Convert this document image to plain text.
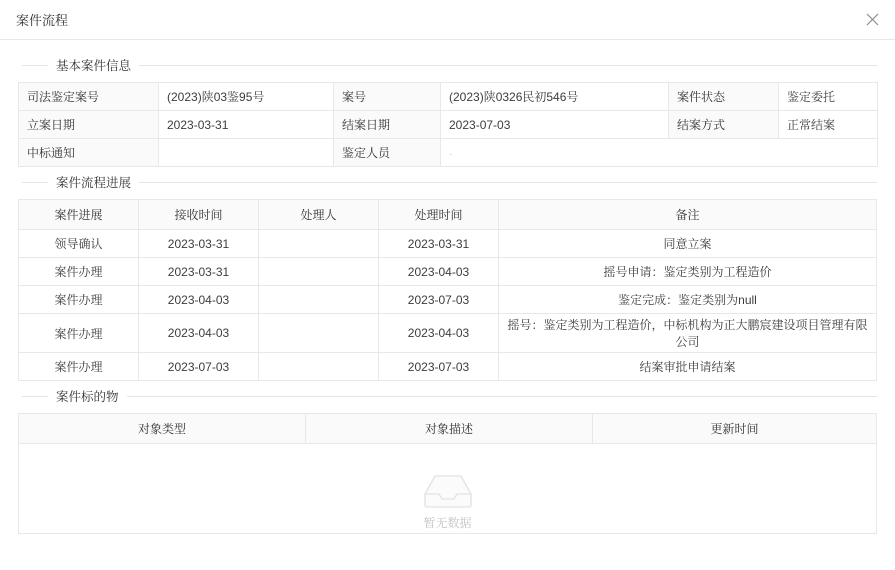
案件流程
基本案件信息
司法鉴定案号	(2023)陕03鉴95号	案号	(2023)陕0326民初546号	案件状态	鉴定委托
立案日期	2023-03-31	结案日期	2023-07-03	结案方式	正常结案
中标通知		鉴定人员	·		
案件流程进展
案件进展	接收时间	处理人	处理时间	备注
领导确认	2023-03-31		2023-03-31	同意立案
案件办理	2023-03-31		2023-04-03	摇号申请：鉴定类别为工程造价
案件办理	2023-04-03		2023-07-03	鉴定完成：鉴定类别为null
案件办理	2023-04-03		2023-04-03	摇号：鉴定类别为工程造价，中标机构为正大鹏宸建设项目管理有限公司
案件办理	2023-07-03		2023-07-03	结案审批申请结案
案件标的物
对象类型	对象描述	更新时间

暂无数据
